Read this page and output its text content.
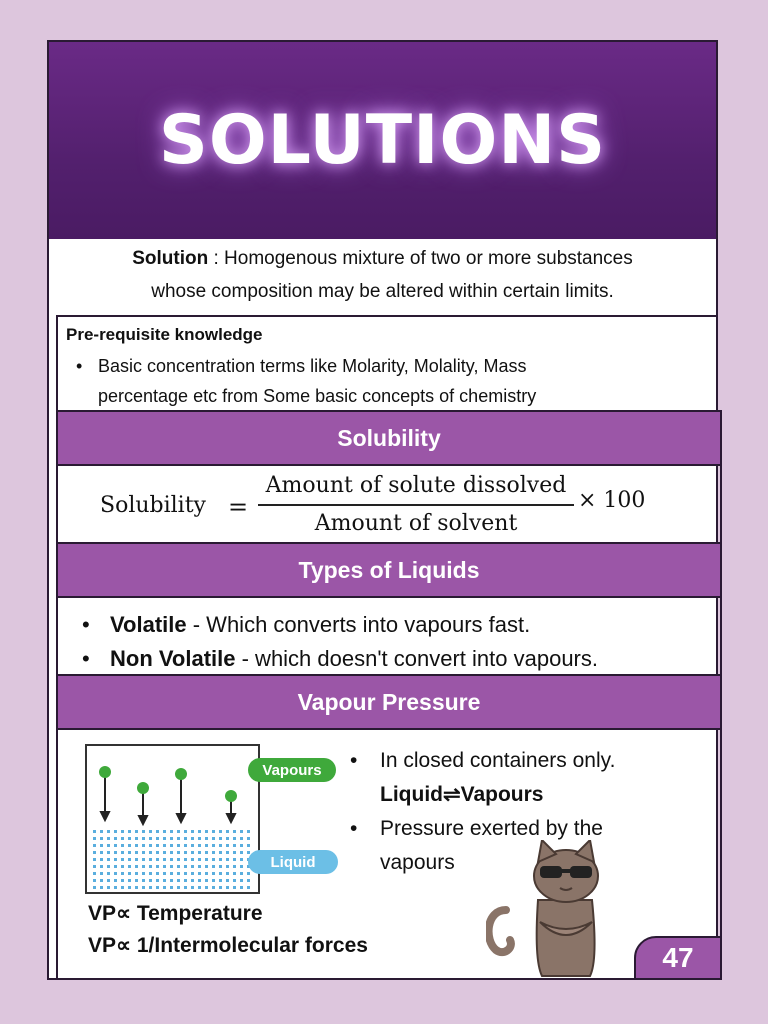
SOLUTIONS
Solution : Homogenous mixture of two or more substances
whose composition may be altered within certain limits.
Pre-requisite knowledge
• Basic concentration terms like Molarity, Molality, Mass
percentage etc from Some basic concepts of chemistry
Solubility
Solubility =
Amount of solute dissolved
Amount of solvent
× 100
Types of Liquids
• Volatile - Which converts into vapours fast.
• Non Volatile - which doesn't convert into vapours.
Vapour Pressure
Vapours
Liquid
• In closed containers only.
Liquid⇌Vapours
• Pressure exerted by the
vapours
VP∝ Temperature
VP∝ 1/Intermolecular forces	47
